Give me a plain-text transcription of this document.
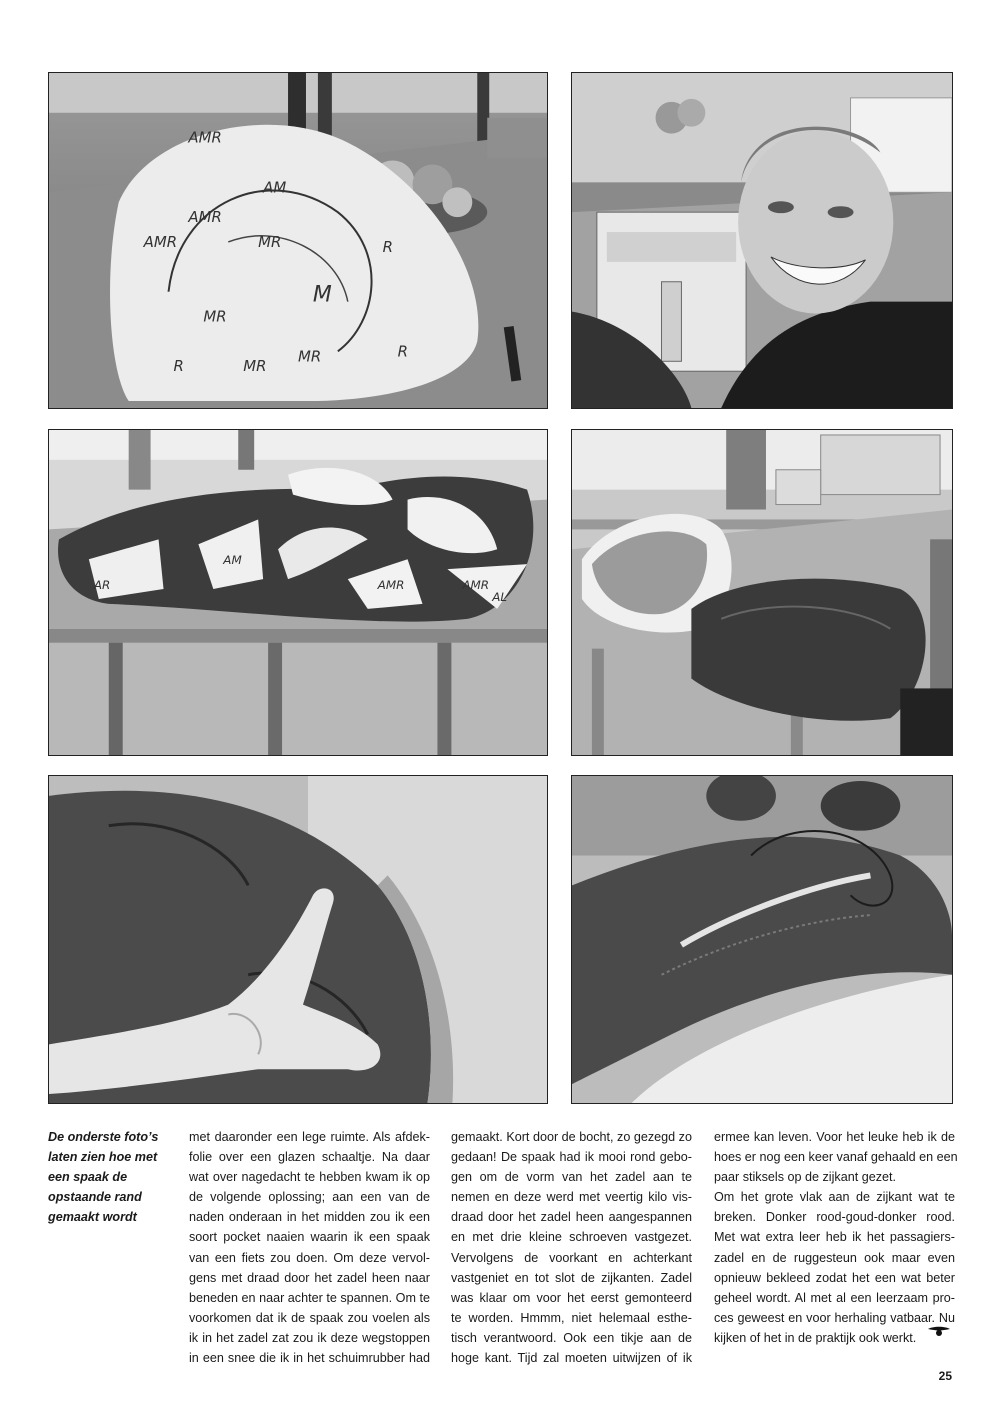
AMR
AM
AMR
AMR	MR
M
MR
R	MR
MR	R
R
AMR	AMR
AM
AL
AR

De onderste foto’s
laten zien hoe met
een spaak de
opstaande rand
gemaakt wordt

met daaronder een lege ruimte. Als afdek-
folie over een glazen schaaltje. Na daar
wat over nagedacht te hebben kwam ik op
de volgende oplossing; aan een van de
naden onderaan in het midden zou ik een
soort pocket naaien waarin ik een spaak
van een fiets zou doen. Om deze vervol-
gens met draad door het zadel heen naar
beneden en naar achter te spannen. Om te
voorkomen dat ik de spaak zou voelen als
ik in het zadel zat zou ik deze wegstoppen
in een snee die ik in het schuimrubber had
gemaakt. Kort door de bocht, zo gezegd zo
gedaan! De spaak had ik mooi rond gebo-
gen om de vorm van het zadel aan te
nemen en deze werd met veertig kilo vis-
draad door het zadel heen aangespannen
en met drie kleine schroeven vastgezet.
Vervolgens de voorkant en achterkant
vastgeniet en tot slot de zijkanten. Zadel
was klaar om voor het eerst gemonteerd
te worden. Hmmm, niet helemaal esthe-
tisch verantwoord. Ook een tikje aan de
hoge kant. Tijd zal moeten uitwijzen of ik
ermee kan leven. Voor het leuke heb ik de
hoes er nog een keer vanaf gehaald en een
paar stiksels op de zijkant gezet.
Om het grote vlak aan de zijkant wat te
breken. Donker rood-goud-donker rood.
Met wat extra leer heb ik het passagiers-
zadel en de ruggesteun ook maar even
opnieuw bekleed zodat het een wat beter
geheel wordt. Al met al een leerzaam pro-
ces geweest en voor herhaling vatbaar. Nu
kijken of het in de praktijk ook werkt.
25
